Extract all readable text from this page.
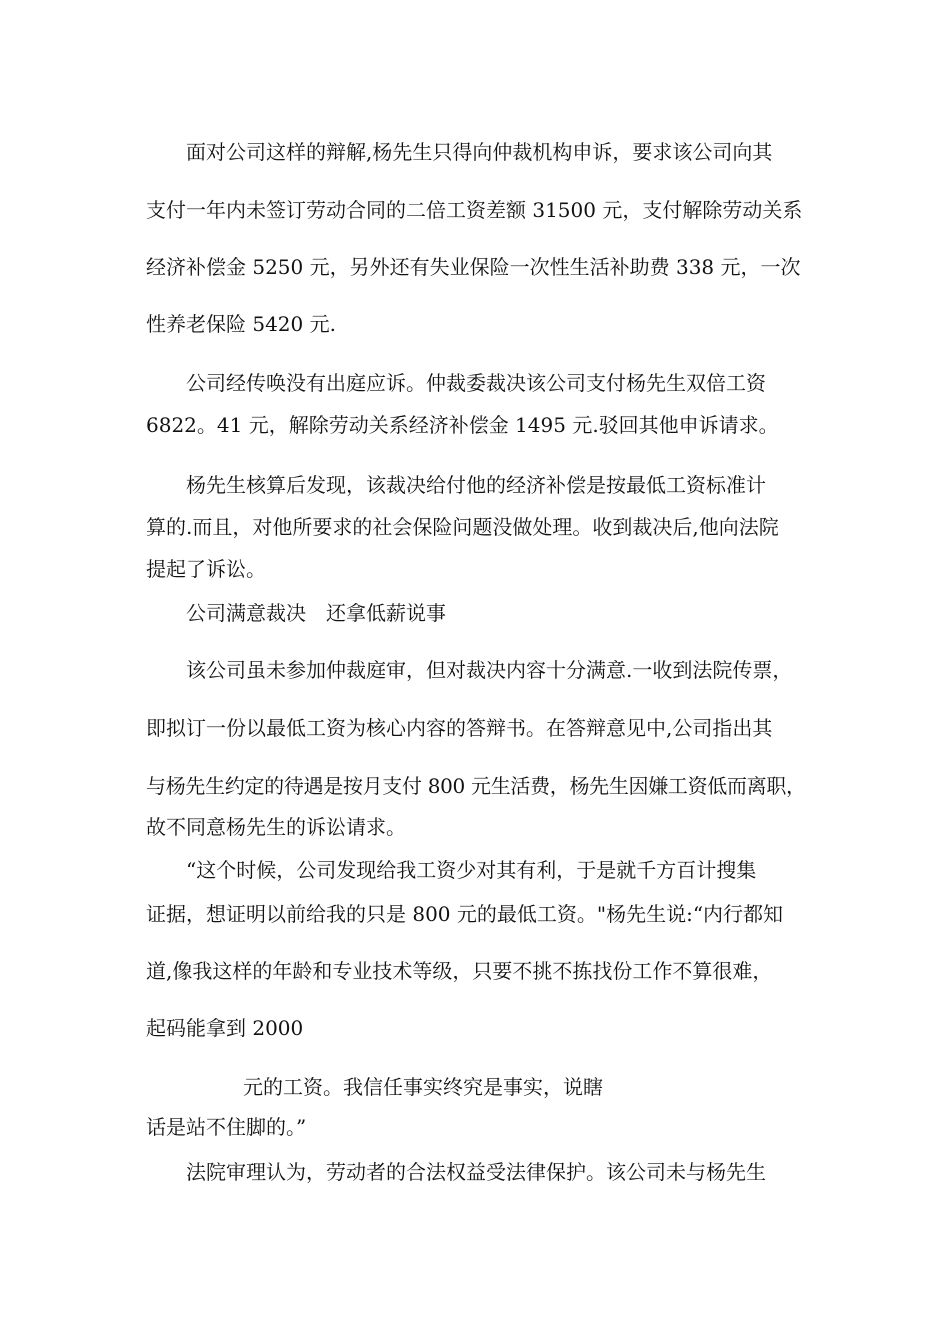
面对公司这样的辩解,杨先生只得向仲裁机构申诉，要求该公司向其
支付一年内未签订劳动合同的二倍工资差额 31500 元，支付解除劳动关系
经济补偿金 5250 元，另外还有失业保险一次性生活补助费 338 元，一次
性养老保险 5420 元.
公司经传唤没有出庭应诉。仲裁委裁决该公司支付杨先生双倍工资
6822。41 元，解除劳动关系经济补偿金 1495 元.驳回其他申诉请求。
杨先生核算后发现，该裁决给付他的经济补偿是按最低工资标准计
算的.而且，对他所要求的社会保险问题没做处理。收到裁决后,他向法院
提起了诉讼。
公司满意裁决　还拿低薪说事
该公司虽未参加仲裁庭审，但对裁决内容十分满意.一收到法院传票，
即拟订一份以最低工资为核心内容的答辩书。在答辩意见中,公司指出其
与杨先生约定的待遇是按月支付 800 元生活费，杨先生因嫌工资低而离职，
故不同意杨先生的诉讼请求。
“这个时候，公司发现给我工资少对其有利，于是就千方百计搜集
证据，想证明以前给我的只是 800 元的最低工资。"杨先生说:“内行都知
道,像我这样的年龄和专业技术等级，只要不挑不拣找份工作不算很难，
起码能拿到 2000
元的工资。我信任事实终究是事实，说瞎
话是站不住脚的。”
法院审理认为，劳动者的合法权益受法律保护。该公司未与杨先生
